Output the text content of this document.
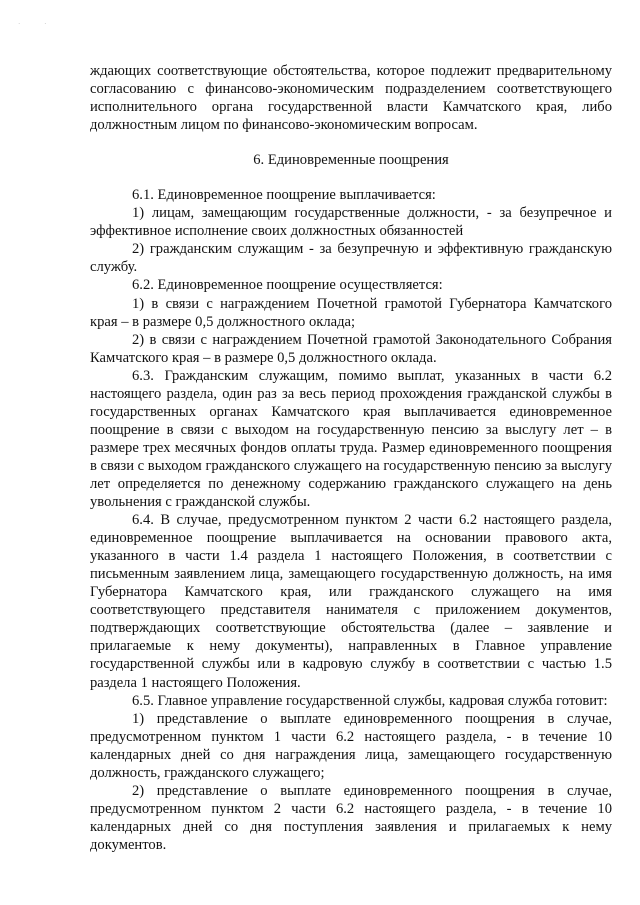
·	·

ждающих соответствующие обстоятельства, которое подлежит предварительному согласованию с финансово-экономическим подразделением соответствующего исполнительного органа государственной власти Камчатского края, либо должностным лицом по финансово-экономическим вопросам.

6. Единовременные поощрения

6.1. Единовременное поощрение выплачивается:

1) лицам, замещающим государственные должности, - за безупречное и эффективное исполнение своих должностных обязанностей

2) гражданским служащим - за безупречную и эффективную гражданскую службу.

6.2. Единовременное поощрение осуществляется:

1) в связи с награждением Почетной грамотой Губернатора Камчатского края – в размере 0,5 должностного оклада;

2) в связи с награждением Почетной грамотой Законодательного Собрания Камчатского края – в размере 0,5 должностного оклада.

6.3. Гражданским служащим, помимо выплат, указанных в части 6.2 настоящего раздела, один раз за весь период прохождения гражданской службы в государственных органах Камчатского края выплачивается единовременное поощрение в связи с выходом на государственную пенсию за выслугу лет – в размере трех месячных фондов оплаты труда. Размер единовременного поощрения в связи с выходом гражданского служащего на государственную пенсию за выслугу лет определяется по денежному содержанию гражданского служащего на день увольнения с гражданской службы.

6.4. В случае, предусмотренном пунктом 2 части 6.2 настоящего раздела, единовременное поощрение выплачивается на основании правового акта, указанного в части 1.4 раздела 1 настоящего Положения, в соответствии с письменным заявлением лица, замещающего государственную должность, на имя Губернатора Камчатского края, или гражданского служащего на имя соответствующего представителя нанимателя с приложением документов, подтверждающих соответствующие обстоятельства (далее – заявление и прилагаемые к нему документы), направленных в Главное управление государственной службы или в кадровую службу в соответствии с частью 1.5 раздела 1 настоящего Положения.

6.5. Главное управление государственной службы, кадровая служба готовит:

1) представление о выплате единовременного поощрения в случае, предусмотренном пунктом 1 части 6.2 настоящего раздела, - в течение 10 календарных дней со дня награждения лица, замещающего государственную должность, гражданского служащего;

2) представление о выплате единовременного поощрения в случае, предусмотренном пунктом 2 части 6.2 настоящего раздела, - в течение 10 календарных дней со дня поступления заявления и прилагаемых к нему документов.
